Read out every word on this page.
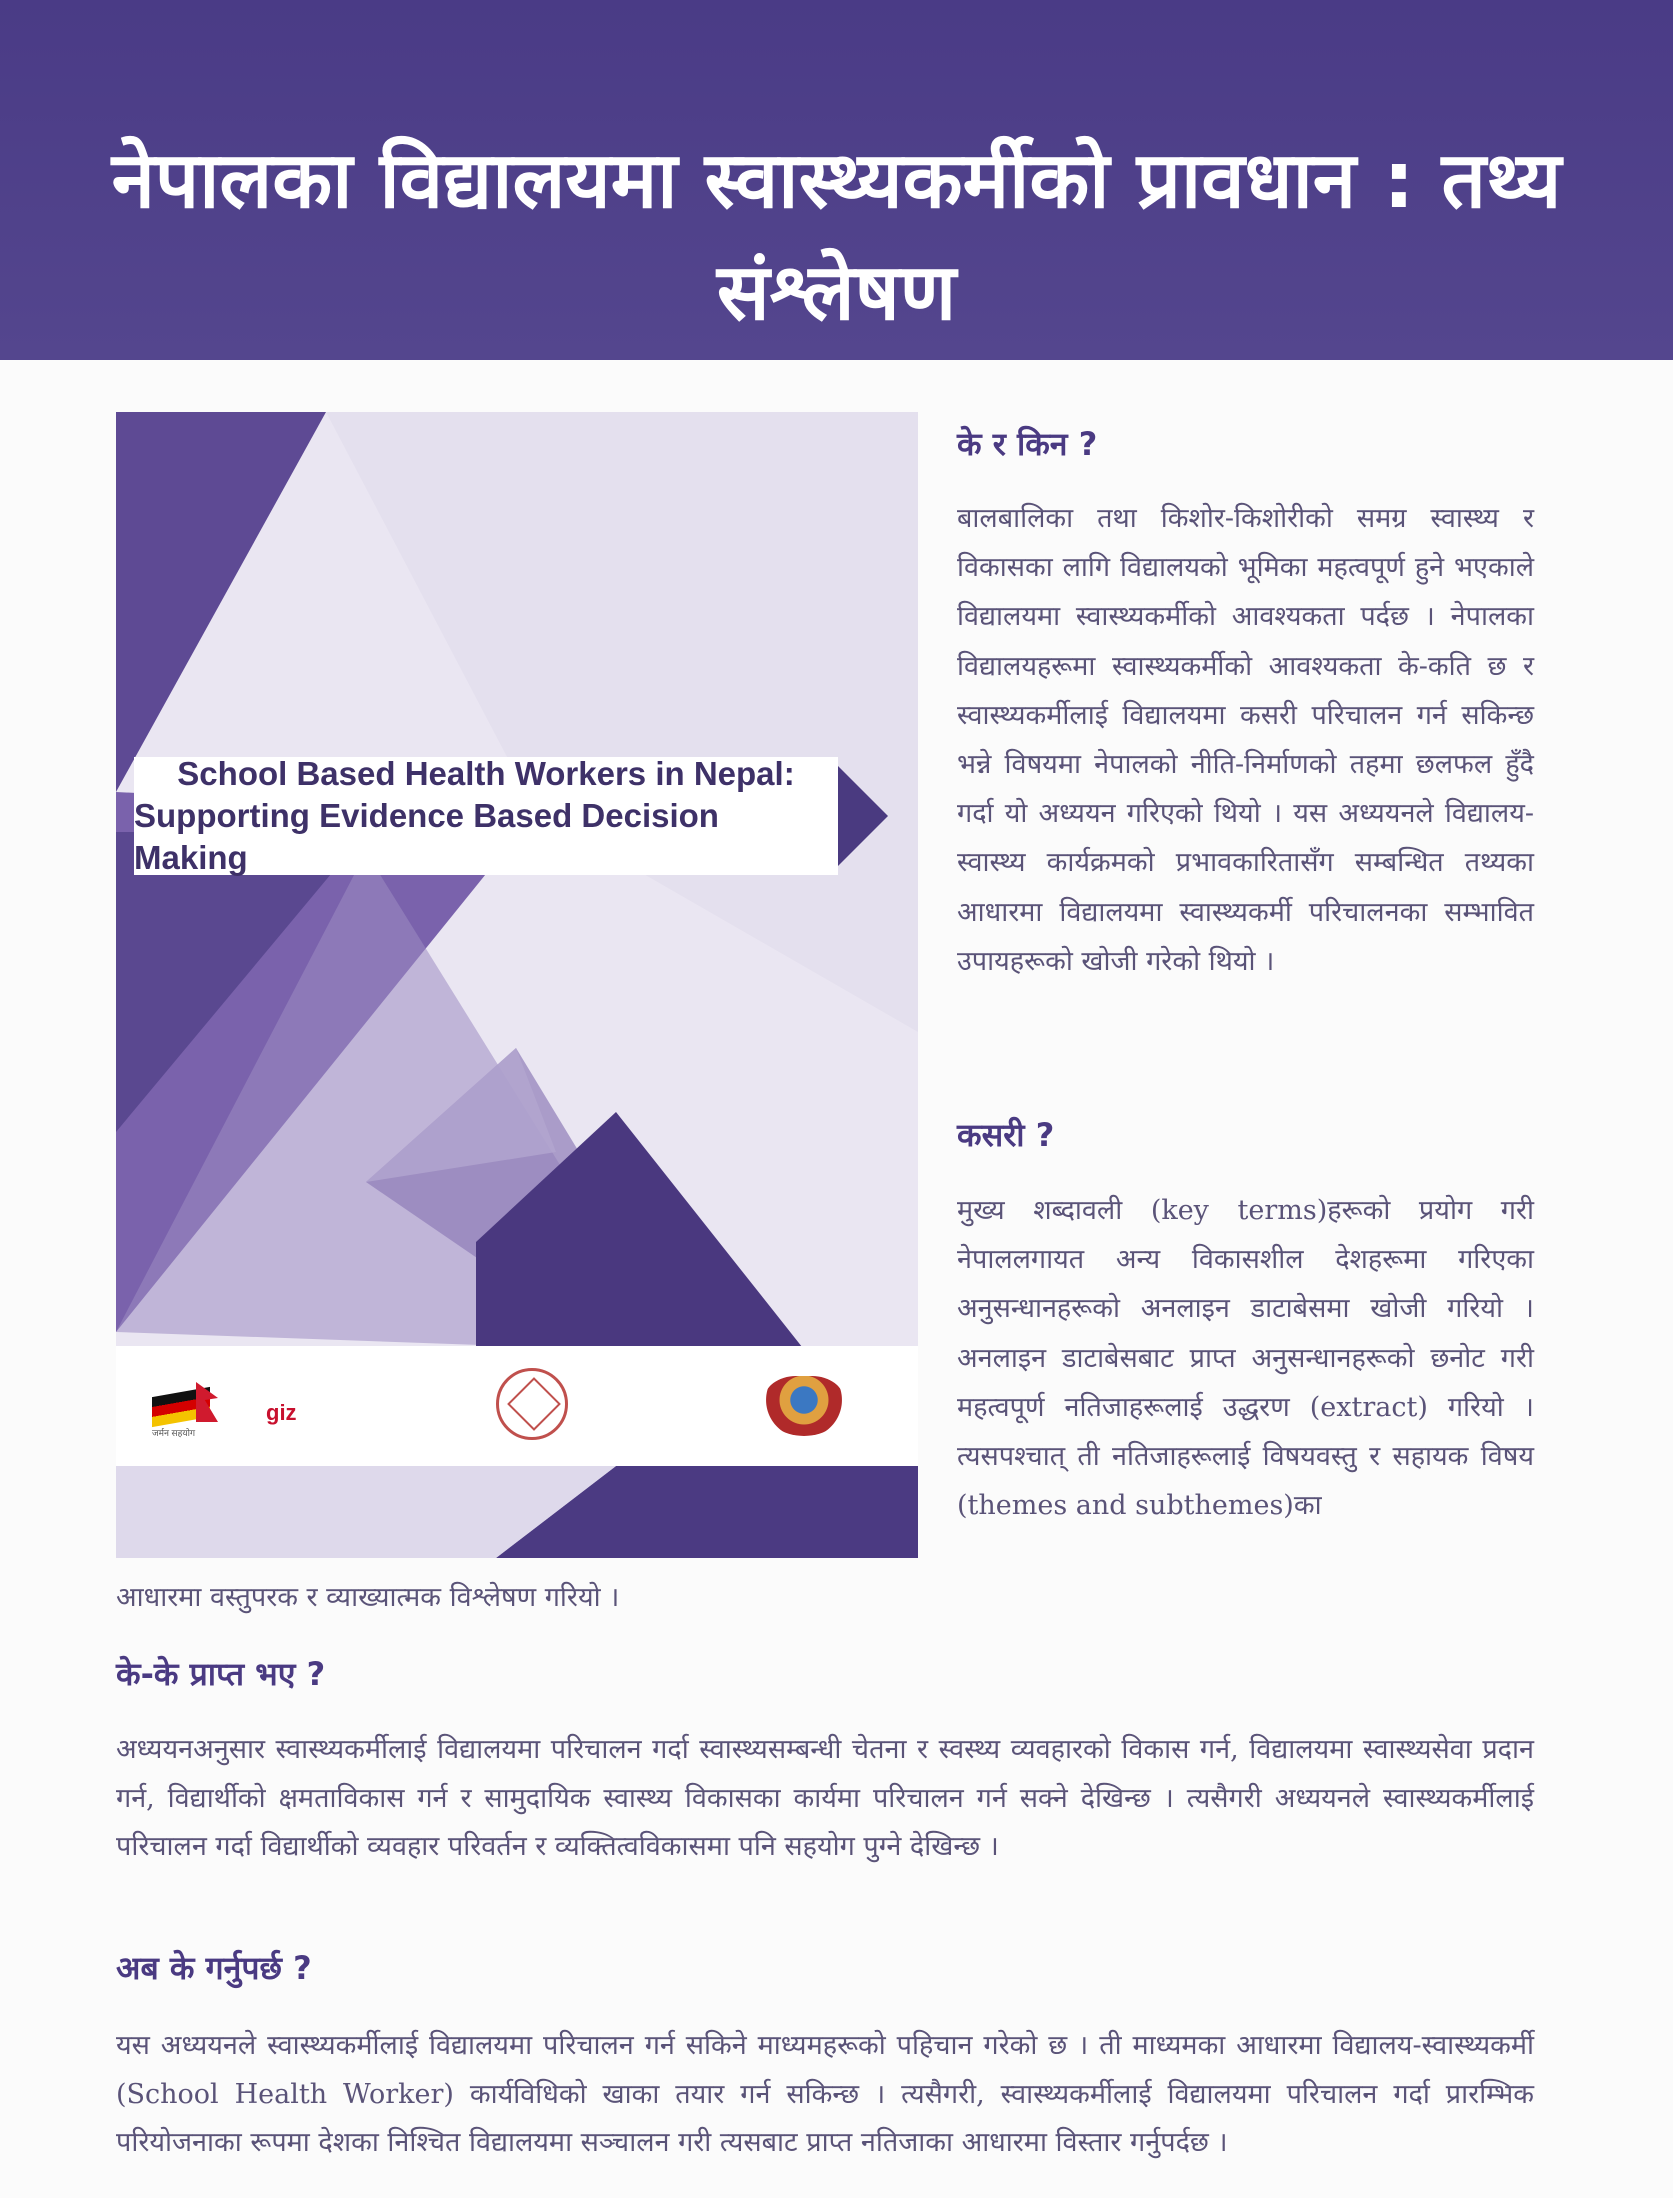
नेपालका विद्यालयमा स्वास्थ्यकर्मीको प्रावधान : तथ्य संश्लेषण
School Based Health Workers in Nepal:
Supporting Evidence Based Decision Making
जर्मन सहयोग
giz
के र किन ?

बालबालिका तथा किशोर-किशोरीको समग्र स्वास्थ्य र विकासका लागि विद्यालयको भूमिका महत्वपूर्ण हुने भएकाले विद्यालयमा स्वास्थ्यकर्मीको आवश्यकता पर्दछ । नेपालका विद्यालयहरूमा स्वास्थ्यकर्मीको आवश्यकता के-कति छ र स्वास्थ्यकर्मीलाई विद्यालयमा कसरी परिचालन गर्न सकिन्छ भन्ने विषयमा नेपालको नीति-निर्माणको तहमा छलफल हुँदै गर्दा यो अध्ययन गरिएको थियो । यस अध्ययनले विद्यालय-स्वास्थ्य कार्यक्रमको प्रभावकारितासँग सम्बन्धित तथ्यका आधारमा विद्यालयमा स्वास्थ्यकर्मी परिचालनका सम्भावित उपायहरूको खोजी गरेको थियो ।

कसरी ?

मुख्य शब्दावली (key terms)हरूको प्रयोग गरी नेपाललगायत अन्य विकासशील देशहरूमा गरिएका अनुसन्धानहरूको अनलाइन डाटाबेसमा खोजी गरियो । अनलाइन डाटाबेसबाट प्राप्त अनुसन्धानहरूको छनोट गरी महत्वपूर्ण नतिजाहरूलाई उद्धरण (extract) गरियो । त्यसपश्चात् ती नतिजाहरूलाई विषयवस्तु र सहायक विषय (themes and subthemes)का

आधारमा वस्तुपरक र व्याख्यात्मक विश्लेषण गरियो ।

के-के प्राप्त भए ?

अध्ययनअनुसार स्वास्थ्यकर्मीलाई विद्यालयमा परिचालन गर्दा स्वास्थ्यसम्बन्धी चेतना र स्वस्थ्य व्यवहारको विकास गर्न, विद्यालयमा स्वास्थ्यसेवा प्रदान गर्न, विद्यार्थीको क्षमताविकास गर्न र सामुदायिक स्वास्थ्य विकासका कार्यमा परिचालन गर्न सक्ने देखिन्छ । त्यसैगरी अध्ययनले स्वास्थ्यकर्मीलाई परिचालन गर्दा विद्यार्थीको व्यवहार परिवर्तन र व्यक्तित्वविकासमा पनि सहयोग पुग्ने देखिन्छ ।

अब के गर्नुपर्छ ?

यस अध्ययनले स्वास्थ्यकर्मीलाई विद्यालयमा परिचालन गर्न सकिने माध्यमहरूको पहिचान गरेको छ । ती माध्यमका आधारमा विद्यालय-स्वास्थ्यकर्मी (School Health Worker) कार्यविधिको खाका तयार गर्न सकिन्छ । त्यसैगरी, स्वास्थ्यकर्मीलाई विद्यालयमा परिचालन गर्दा प्रारम्भिक परियोजनाका रूपमा देशका निश्चित विद्यालयमा सञ्चालन गरी त्यसबाट प्राप्त नतिजाका आधारमा विस्तार गर्नुपर्दछ ।
